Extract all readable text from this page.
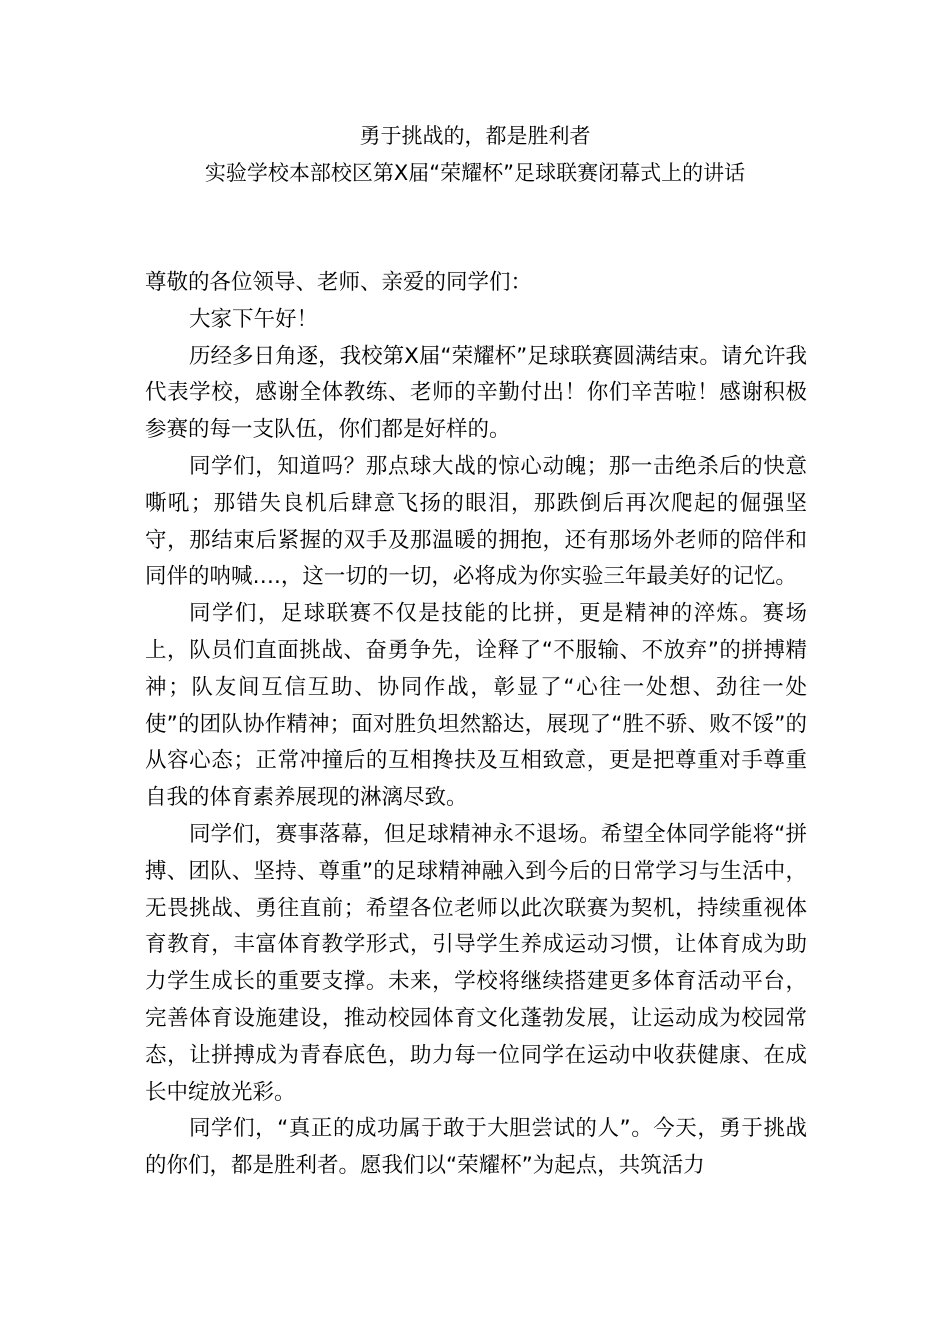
勇于挑战的，都是胜利者
实验学校本部校区第Ⅹ届“荣耀杯”足球联赛闭幕式上的讲话

尊敬的各位领导、老师、亲爱的同学们：

大家下午好！

历经多日角逐，我校第Ⅹ届“荣耀杯”足球联赛圆满结束。请允许我代表学校，感谢全体教练、老师的辛勤付出！你们辛苦啦！感谢积极参赛的每一支队伍，你们都是好样的。

同学们，知道吗？那点球大战的惊心动魄；那一击绝杀后的快意嘶吼；那错失良机后肆意飞扬的眼泪，那跌倒后再次爬起的倔强坚守，那结束后紧握的双手及那温暖的拥抱，还有那场外老师的陪伴和同伴的呐喊….，这一切的一切，必将成为你实验三年最美好的记忆。

同学们，足球联赛不仅是技能的比拼，更是精神的淬炼。赛场上，队员们直面挑战、奋勇争先，诠释了“不服输、不放弃”的拼搏精神；队友间互信互助、协同作战，彰显了“心往一处想、劲往一处使”的团队协作精神；面对胜负坦然豁达，展现了“胜不骄、败不馁”的从容心态；正常冲撞后的互相搀扶及互相致意，更是把尊重对手尊重自我的体育素养展现的淋漓尽致。

同学们，赛事落幕，但足球精神永不退场。希望全体同学能将“拼搏、团队、坚持、尊重”的足球精神融入到今后的日常学习与生活中，无畏挑战、勇往直前；希望各位老师以此次联赛为契机，持续重视体育教育，丰富体育教学形式，引导学生养成运动习惯，让体育成为助力学生成长的重要支撑。未来，学校将继续搭建更多体育活动平台，完善体育设施建设，推动校园体育文化蓬勃发展，让运动成为校园常态，让拼搏成为青春底色，助力每一位同学在运动中收获健康、在成长中绽放光彩。

同学们，“真正的成功属于敢于大胆尝试的人”。今天，勇于挑战的你们，都是胜利者。愿我们以“荣耀杯”为起点，共筑活力
